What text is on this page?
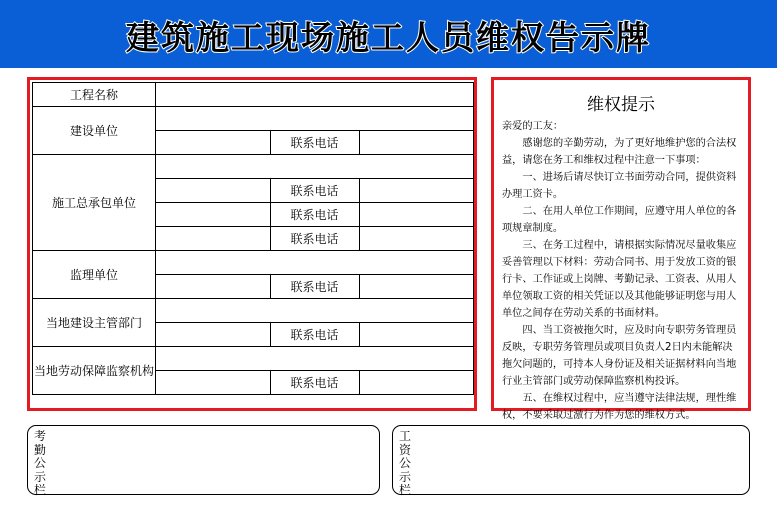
建筑施工现场施工人员维权告示牌
工程名称			
建设单位			
		联系电话	
施工总承包单位			
		联系电话	
		联系电话	
		联系电话	
监理单位			
		联系电话	
当地建设主管部门			
		联系电话	
当地劳动保障监察机构			
		联系电话	
维权提示

亲爱的工友：

感谢您的辛勤劳动，为了更好地维护您的合法权益，请您在务工和维权过程中注意一下事项：

一、进场后请尽快订立书面劳动合同，提供资料办理工资卡。

二、在用人单位工作期间，应遵守用人单位的各项规章制度。

三、在务工过程中，请根据实际情况尽量收集应妥善管理以下材料：劳动合同书、用于发放工资的银行卡、工作证或上岗牌、考勤记录、工资表、从用人单位领取工资的相关凭证以及其他能够证明您与用人单位之间存在劳动关系的书面材料。

四、当工资被拖欠时，应及时向专职劳务管理员反映，专职劳务管理员或项目负责人2日内未能解决拖欠问题的，可持本人身份证及相关证据材料向当地行业主管部门或劳动保障监察机构投诉。

五、在维权过程中，应当遵守法律法规，理性维权，不要采取过激行为作为您的维权方式。

考勤公示栏
工资公示栏
